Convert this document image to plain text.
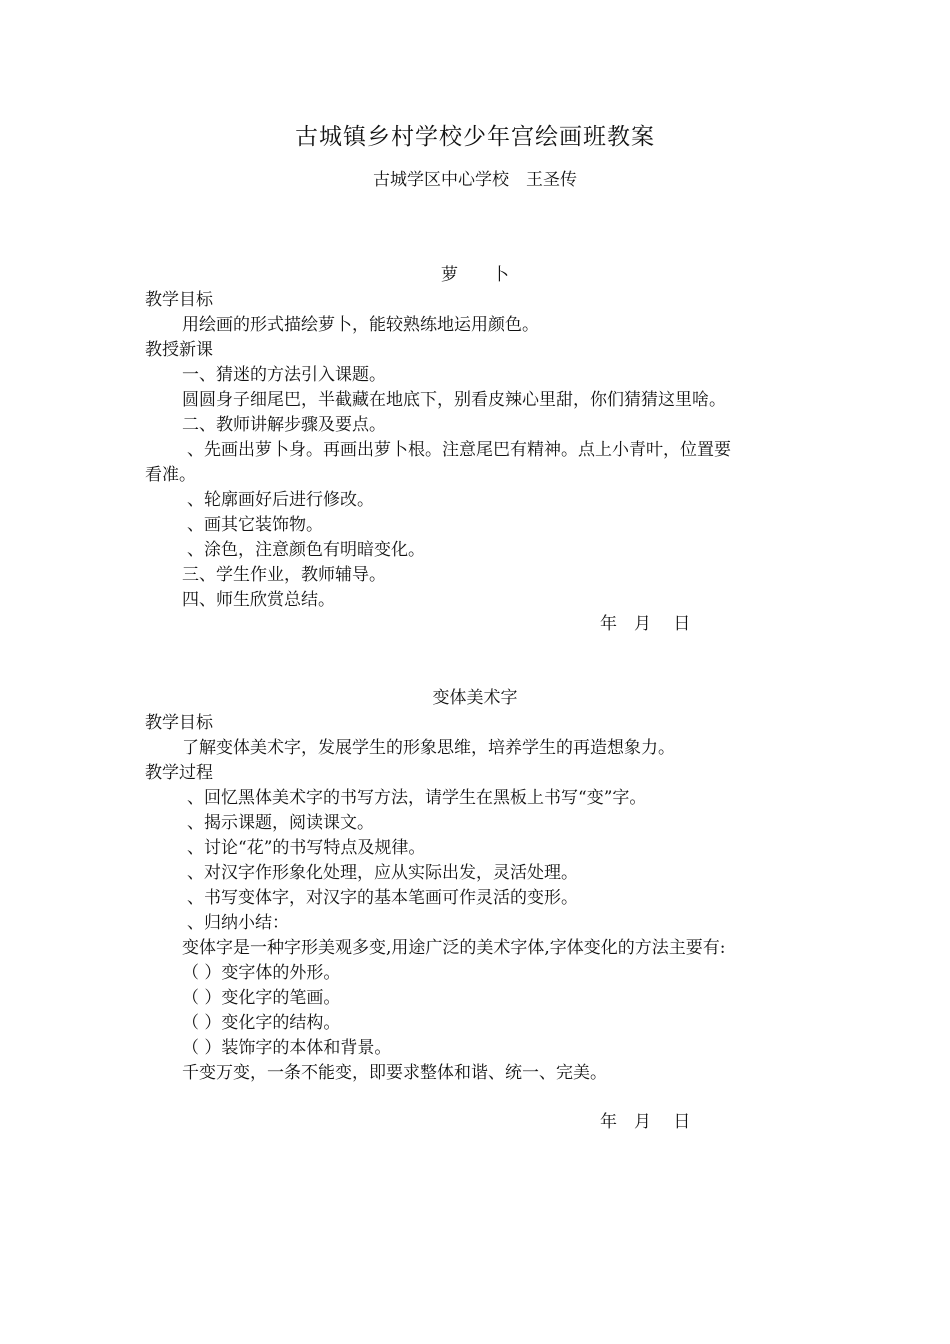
古城镇乡村学校少年宫绘画班教案
古城学区中心学校　王圣传
萝　　卜
教学目标
用绘画的形式描绘萝卜，能较熟练地运用颜色。
教授新课
一、猜迷的方法引入课题。
圆圆身子细尾巴，半截藏在地底下，别看皮辣心里甜，你们猜猜这里啥。
二、教师讲解步骤及要点。
、先画出萝卜身。再画出萝卜根。注意尾巴有精神。点上小青叶，位置要
看准。
、轮廓画好后进行修改。
、画其它装饰物。
、涂色，注意颜色有明暗变化。
三、学生作业，教师辅导。
四、师生欣赏总结。
年　月　 日
变体美术字
教学目标
了解变体美术字，发展学生的形象思维，培养学生的再造想象力。
教学过程
、回忆黑体美术字的书写方法，请学生在黑板上书写“变”字。
、揭示课题，阅读课文。
、讨论“花”的书写特点及规律。
、对汉字作形象化处理，应从实际出发，灵活处理。
、书写变体字，对汉字的基本笔画可作灵活的变形。
、归纳小结：
变体字是一种字形美观多变,用途广泛的美术字体,字体变化的方法主要有:
（ ）变字体的外形。
（ ）变化字的笔画。
（ ）变化字的结构。
（ ）装饰字的本体和背景。
千变万变，一条不能变，即要求整体和谐、统一、完美。
年　月　 日
